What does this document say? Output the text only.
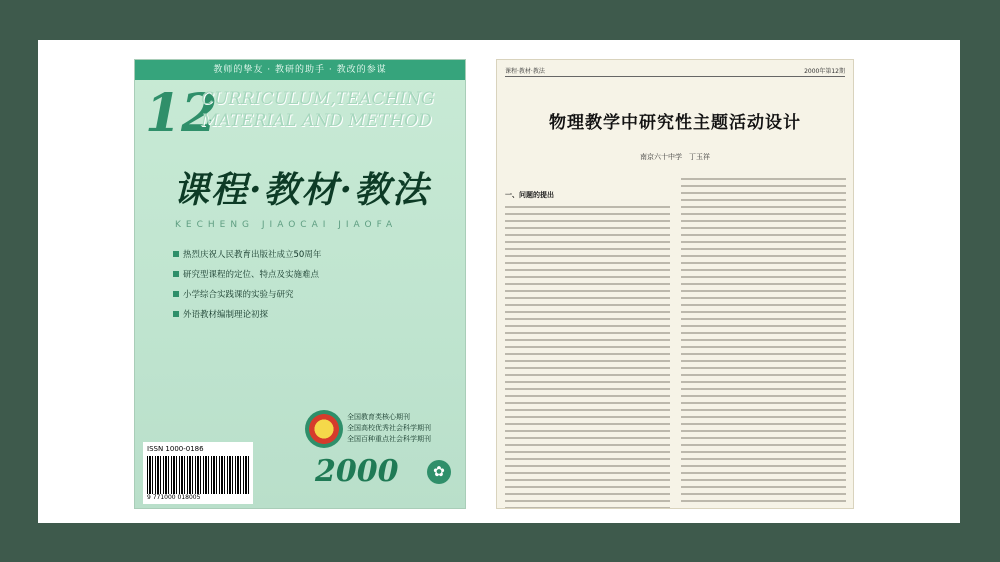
教师的挚友 · 教研的助手 · 教改的参谋
12
CURRICULUM,TEACHING
MATERIAL AND METHOD
课程·教材·教法
KECHENG JIAOCAI JIAOFA
热烈庆祝人民教育出版社成立50周年
研究型课程的定位、特点及实施难点
小学综合实践课的实验与研究
外语教材编制理论初探
全国教育类核心期刊
全国高校优秀社会科学期刊
全国百种重点社会科学期刊
ISSN 1000-0186
9 771000 018005
2000	✿
课程·教材·教法	2000年第12期
物理教学中研究性主题活动设计
南京六十中学　丁玉祥
一、问题的提出
